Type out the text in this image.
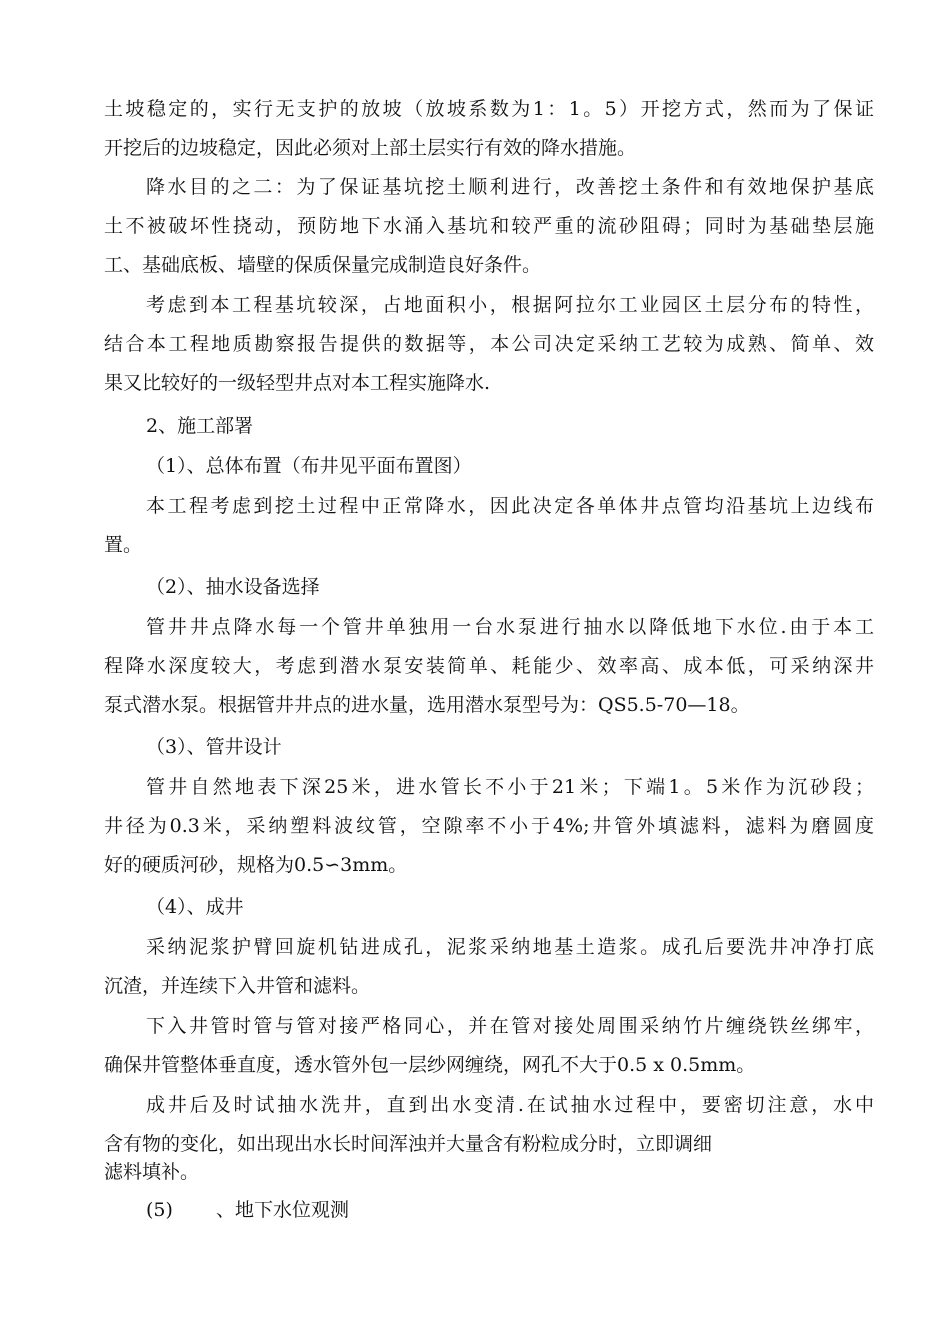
土坡稳定的，实行无支护的放坡（放坡系数为1：1。5）开挖方式，然而为了保证
开挖后的边坡稳定，因此必须对上部土层实行有效的降水措施。
降水目的之二：为了保证基坑挖土顺利进行，改善挖土条件和有效地保护基底
土不被破坏性挠动，预防地下水涌入基坑和较严重的流砂阻碍；同时为基础垫层施
工、基础底板、墙壁的保质保量完成制造良好条件。
考虑到本工程基坑较深，占地面积小，根据阿拉尔工业园区土层分布的特性，
结合本工程地质勘察报告提供的数据等，本公司决定采纳工艺较为成熟、简单、效
果又比较好的一级轻型井点对本工程实施降水.
2、施工部署
（1）、总体布置（布井见平面布置图）
本工程考虑到挖土过程中正常降水，因此决定各单体井点管均沿基坑上边线布
置。
（2）、抽水设备选择
管井井点降水每一个管井单独用一台水泵进行抽水以降低地下水位.由于本工
程降水深度较大，考虑到潜水泵安装简单、耗能少、效率高、成本低，可采纳深井
泵式潜水泵。根据管井井点的进水量，选用潜水泵型号为：QS5.5-70—18。
（3）、管井设计
管井自然地表下深25米，进水管长不小于21米；下端1。5米作为沉砂段；
井径为0.3米，采纳塑料波纹管，空隙率不小于4%;井管外填滤料，滤料为磨圆度
好的硬质河砂，规格为0.5∽3mm。
（4）、成井
采纳泥浆护臂回旋机钻进成孔，泥浆采纳地基土造浆。成孔后要洗井冲净打底
沉渣，并连续下入井管和滤料。
下入井管时管与管对接严格同心，并在管对接处周围采纳竹片缠绕铁丝绑牢，
确保井管整体垂直度，透水管外包一层纱网缠绕，网孔不大于0.5 x 0.5mm。
成井后及时试抽水洗井，直到出水变清.在试抽水过程中，要密切注意，水中
含有物的变化，如出现出水长时间浑浊并大量含有粉粒成分时，立即调细
滤料填补。
(5) 、地下水位观测
